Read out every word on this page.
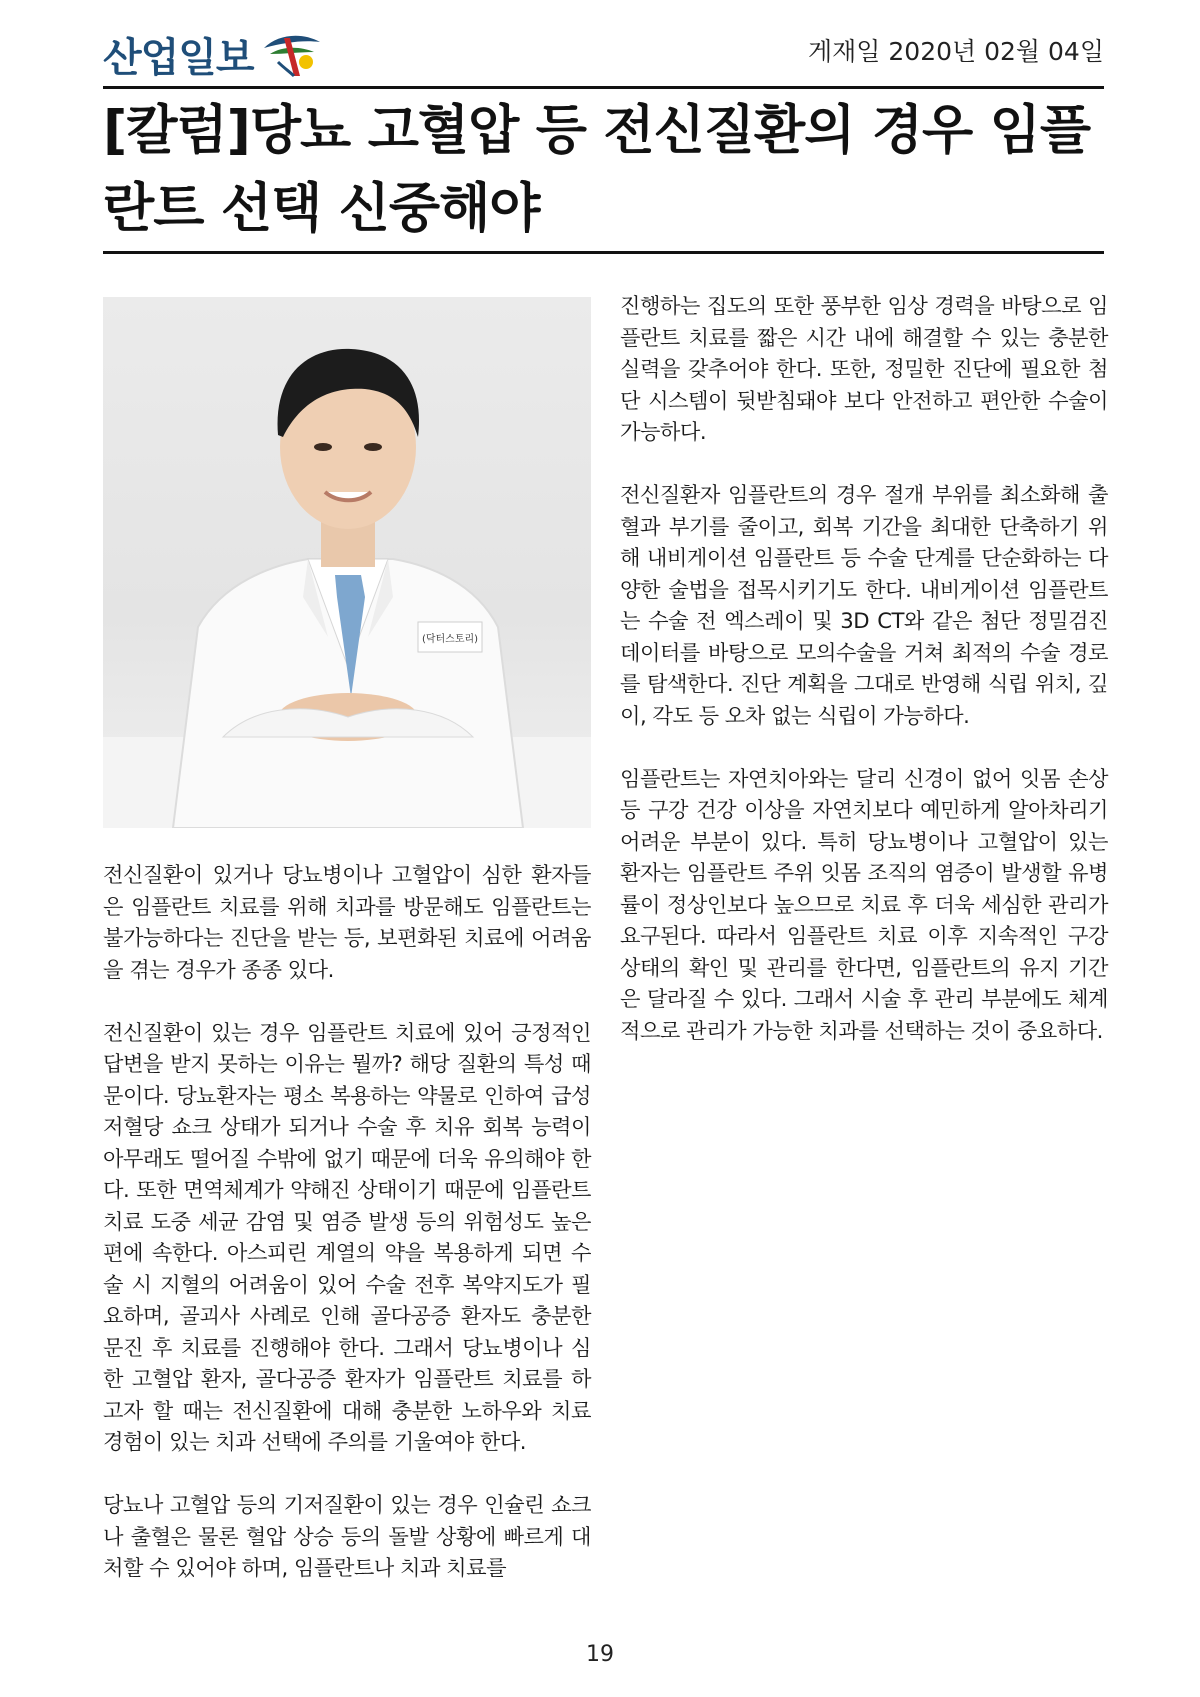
산업일보	게재일 2020년 02월 04일
[칼럼]당뇨 고혈압 등 전신질환의 경우 임플란트 선택 신중해야
(닥터스토리)

전신질환이 있거나 당뇨병이나 고혈압이 심한 환자들은 임플란트 치료를 위해 치과를 방문해도 임플란트는 불가능하다는 진단을 받는 등, 보편화된 치료에 어려움을 겪는 경우가 종종 있다.

전신질환이 있는 경우 임플란트 치료에 있어 긍정적인 답변을 받지 못하는 이유는 뭘까? 해당 질환의 특성 때문이다. 당뇨환자는 평소 복용하는 약물로 인하여 급성 저혈당 쇼크 상태가 되거나 수술 후 치유 회복 능력이 아무래도 떨어질 수밖에 없기 때문에 더욱 유의해야 한다. 또한 면역체계가 약해진 상태이기 때문에 임플란트 치료 도중 세균 감염 및 염증 발생 등의 위험성도 높은 편에 속한다. 아스피린 계열의 약을 복용하게 되면 수술 시 지혈의 어려움이 있어 수술 전후 복약지도가 필요하며, 골괴사 사례로 인해 골다공증 환자도 충분한 문진 후 치료를 진행해야 한다. 그래서 당뇨병이나 심한 고혈압 환자, 골다공증 환자가 임플란트 치료를 하고자 할 때는 전신질환에 대해 충분한 노하우와 치료 경험이 있는 치과 선택에 주의를 기울여야 한다.

당뇨나 고혈압 등의 기저질환이 있는 경우 인슐린 쇼크나 출혈은 물론 혈압 상승 등의 돌발 상황에 빠르게 대처할 수 있어야 하며, 임플란트나 치과 치료를

진행하는 집도의 또한 풍부한 임상 경력을 바탕으로 임플란트 치료를 짧은 시간 내에 해결할 수 있는 충분한 실력을 갖추어야 한다. 또한, 정밀한 진단에 필요한 첨단 시스템이 뒷받침돼야 보다 안전하고 편안한 수술이 가능하다.

전신질환자 임플란트의 경우 절개 부위를 최소화해 출혈과 부기를 줄이고, 회복 기간을 최대한 단축하기 위해 내비게이션 임플란트 등 수술 단계를 단순화하는 다양한 술법을 접목시키기도 한다. 내비게이션 임플란트는 수술 전 엑스레이 및 3D CT와 같은 첨단 정밀검진 데이터를 바탕으로 모의수술을 거쳐 최적의 수술 경로를 탐색한다. 진단 계획을 그대로 반영해 식립 위치, 깊이, 각도 등 오차 없는 식립이 가능하다.

임플란트는 자연치아와는 달리 신경이 없어 잇몸 손상 등 구강 건강 이상을 자연치보다 예민하게 알아차리기 어려운 부분이 있다. 특히 당뇨병이나 고혈압이 있는 환자는 임플란트 주위 잇몸 조직의 염증이 발생할 유병률이 정상인보다 높으므로 치료 후 더욱 세심한 관리가 요구된다. 따라서 임플란트 치료 이후 지속적인 구강 상태의 확인 및 관리를 한다면, 임플란트의 유지 기간은 달라질 수 있다. 그래서 시술 후 관리 부분에도 체계적으로 관리가 가능한 치과를 선택하는 것이 중요하다.

19
